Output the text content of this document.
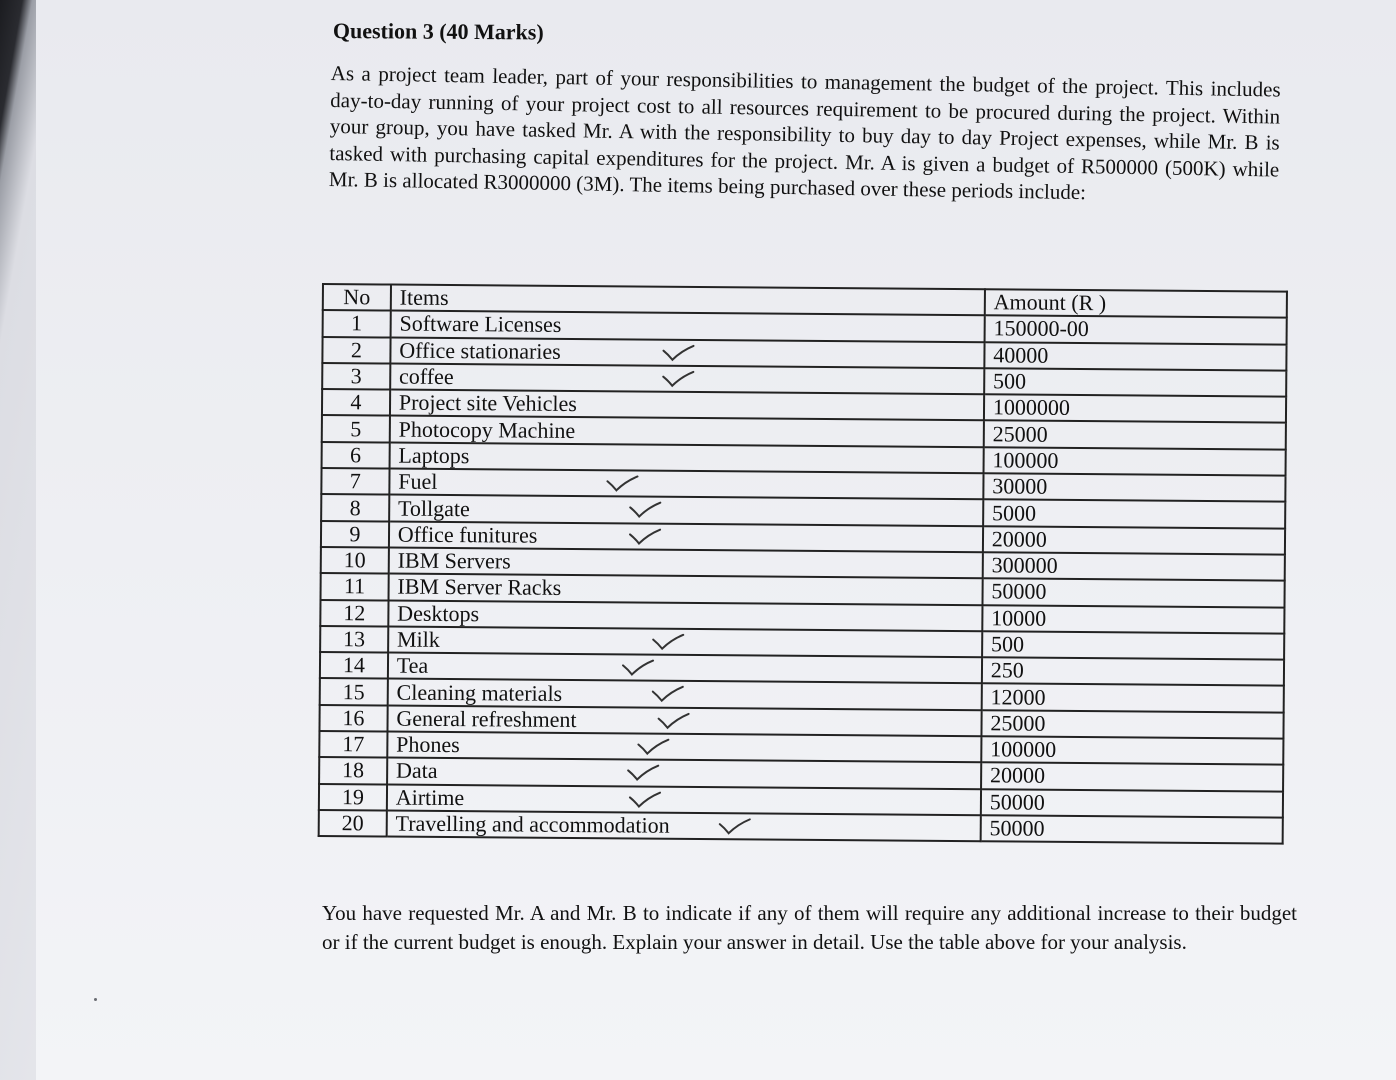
Question 3 (40 Marks)
As a project team leader, part of your responsibilities to management the budget of the project. This includes day-to-day running of your project cost to all resources requirement to be procured during the project. Within your group, you have tasked Mr. A with the responsibility to buy day to day Project expenses, while Mr. B is tasked with purchasing capital expenditures for the project. Mr. A is given a budget of R500000 (500K) while Mr. B is allocated R3000000 (3M). The items being purchased over these periods include:
No	Items	Amount (R )
1	Software Licenses	150000-00
2	Office stationaries	40000
3	coffee	500
4	Project site Vehicles	1000000
5	Photocopy Machine	25000
6	Laptops	100000
7	Fuel	30000
8	Tollgate	5000
9	Office funitures	20000
10	IBM Servers	300000
11	IBM Server Racks	50000
12	Desktops	10000
13	Milk	500
14	Tea	250
15	Cleaning materials	12000
16	General refreshment	25000
17	Phones	100000
18	Data	20000
19	Airtime	50000
20	Travelling and accommodation	50000
You have requested Mr. A and Mr. B to indicate if any of them will require any additional increase to their budget or if the current budget is enough. Explain your answer in detail. Use the table above for your analysis.
